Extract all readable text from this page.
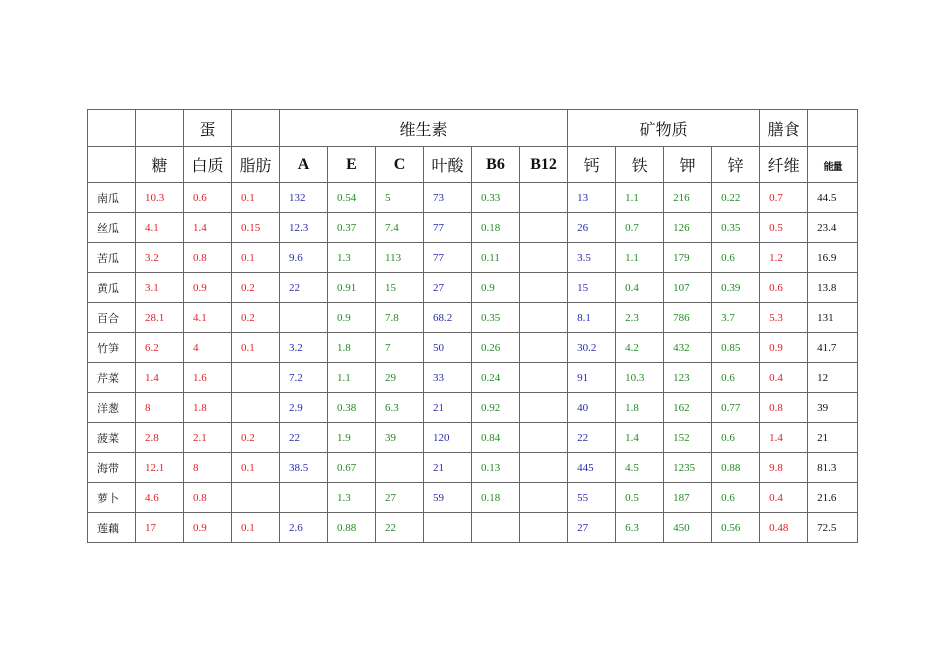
		蛋		维生素						矿物质				膳食	
	糖	白质	脂肪	A	E	C	叶酸	B6	B12	钙	铁	钾	锌	纤维	能量
南瓜	10.3	0.6	0.1	132	0.54	5	73	0.33		13	1.1	216	0.22	0.7	44.5
丝瓜	4.1	1.4	0.15	12.3	0.37	7.4	77	0.18		26	0.7	126	0.35	0.5	23.4
苦瓜	3.2	0.8	0.1	9.6	1.3	113	77	0.11		3.5	1.1	179	0.6	1.2	16.9
黄瓜	3.1	0.9	0.2	22	0.91	15	27	0.9		15	0.4	107	0.39	0.6	13.8
百合	28.1	4.1	0.2		0.9	7.8	68.2	0.35		8.1	2.3	786	3.7	5.3	131
竹笋	6.2	4	0.1	3.2	1.8	7	50	0.26		30.2	4.2	432	0.85	0.9	41.7
芹菜	1.4	1.6		7.2	1.1	29	33	0.24		91	10.3	123	0.6	0.4	12
洋葱	8	1.8		2.9	0.38	6.3	21	0.92		40	1.8	162	0.77	0.8	39
菠菜	2.8	2.1	0.2	22	1.9	39	120	0.84		22	1.4	152	0.6	1.4	21
海带	12.1	8	0.1	38.5	0.67		21	0.13		445	4.5	1235	0.88	9.8	81.3
萝卜	4.6	0.8			1.3	27	59	0.18		55	0.5	187	0.6	0.4	21.6
莲藕	17	0.9	0.1	2.6	0.88	22				27	6.3	450	0.56	0.48	72.5
